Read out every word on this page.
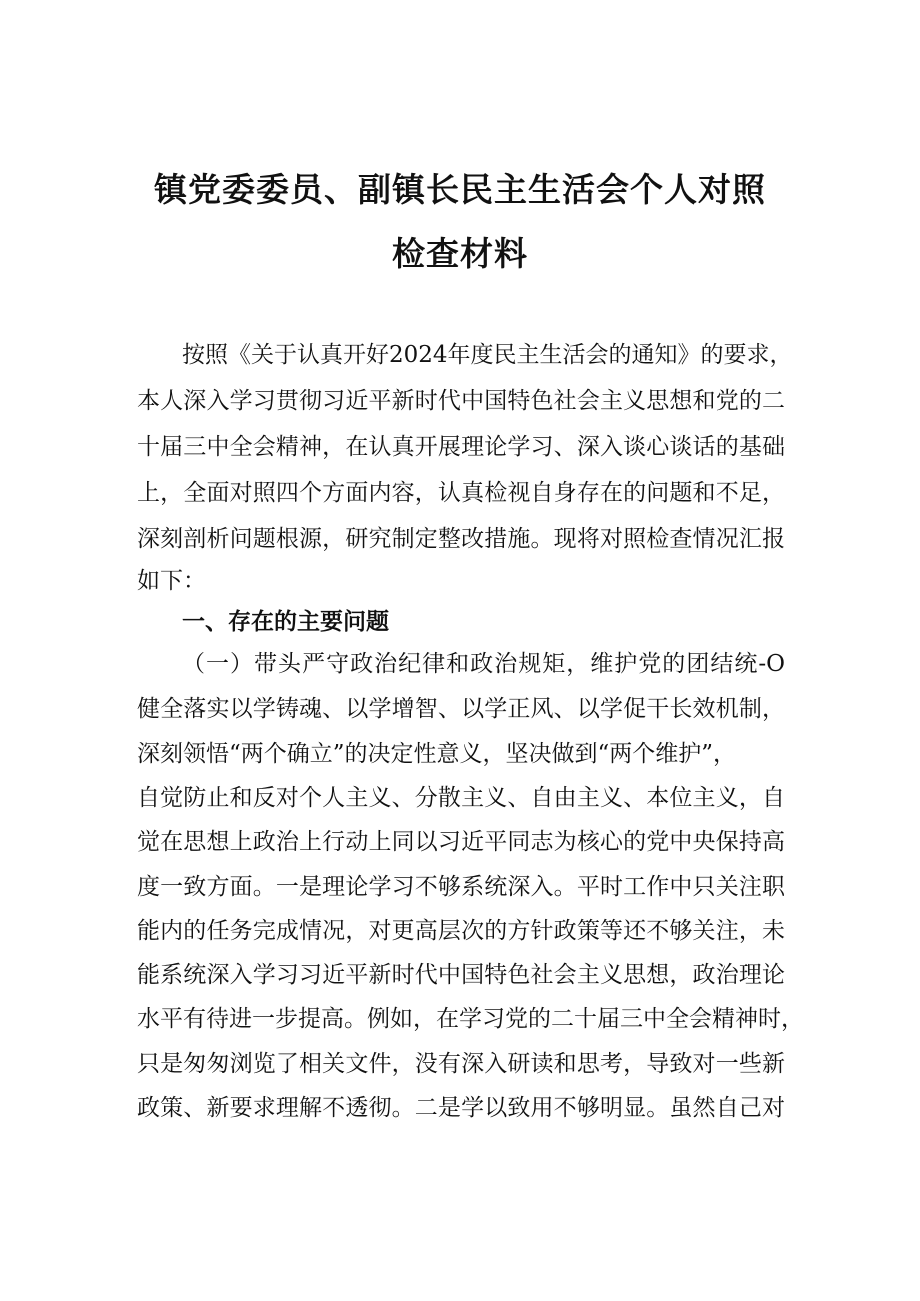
镇党委委员、副镇长民主生活会个人对照
检查材料
按照《关于认真开好2024年度民主生活会的通知》的要求，
本人深入学习贯彻习近平新时代中国特色社会主义思想和党的二
十届三中全会精神，在认真开展理论学习、深入谈心谈话的基础
上，全面对照四个方面内容，认真检视自身存在的问题和不足，
深刻剖析问题根源，研究制定整改措施。现将对照检查情况汇报
如下：
一、存在的主要问题
（一）带头严守政治纪律和政治规矩，维护党的团结统-O
健全落实以学铸魂、以学增智、以学正风、以学促干长效机制，
深刻领悟“两个确立”的决定性意义，坚决做到“两个维护”，
自觉防止和反对个人主义、分散主义、自由主义、本位主义，自
觉在思想上政治上行动上同以习近平同志为核心的党中央保持高
度一致方面。一是理论学习不够系统深入。平时工作中只关注职
能内的任务完成情况，对更高层次的方针政策等还不够关注，未
能系统深入学习习近平新时代中国特色社会主义思想，政治理论
水平有待进一步提高。例如，在学习党的二十届三中全会精神时，
只是匆匆浏览了相关文件，没有深入研读和思考，导致对一些新
政策、新要求理解不透彻。二是学以致用不够明显。虽然自己对
